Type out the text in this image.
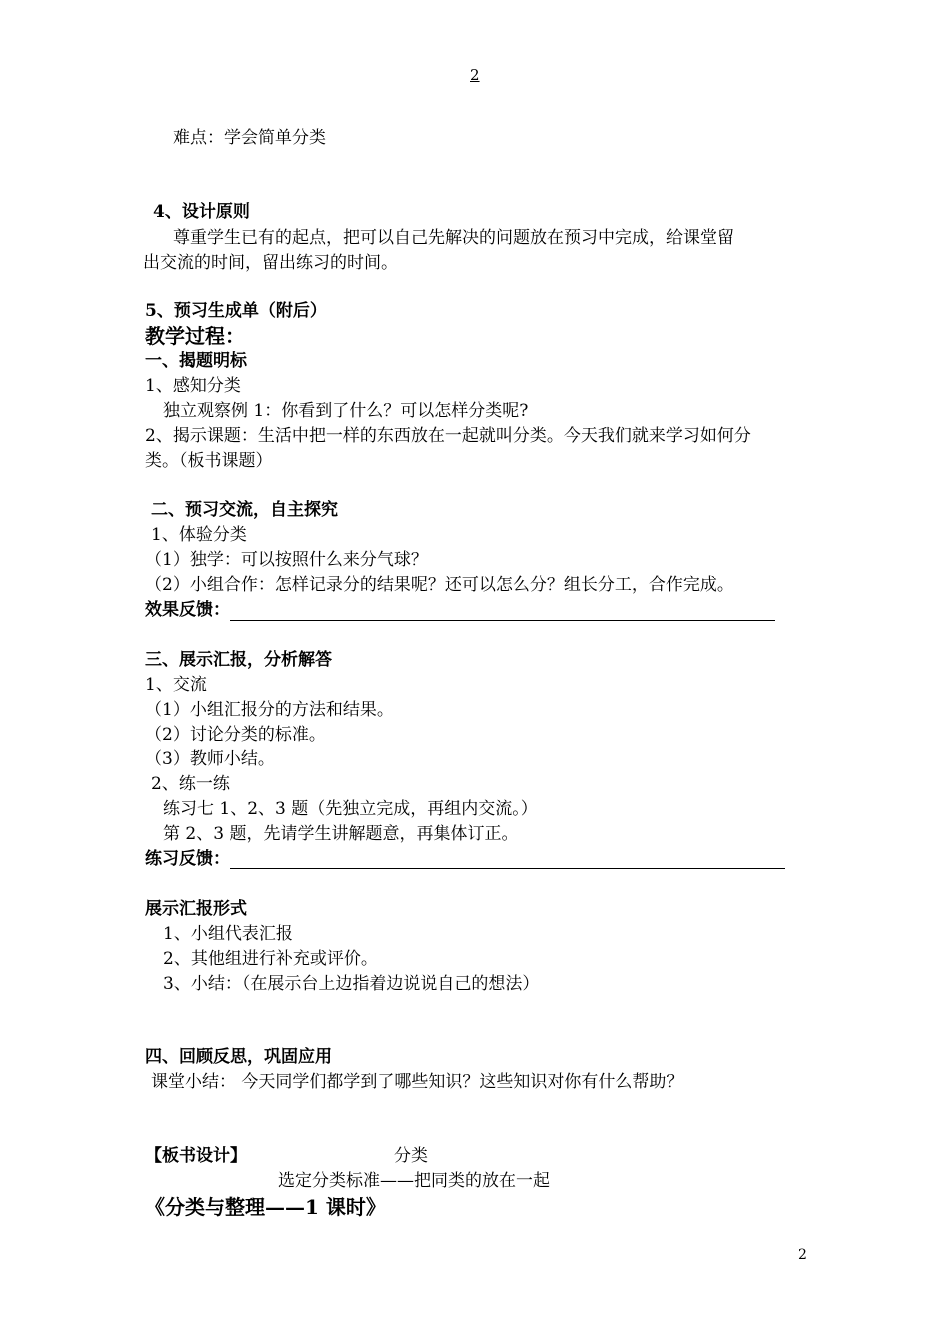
2
难点：学会简单分类
4、设计原则
尊重学生已有的起点，把可以自己先解决的问题放在预习中完成，给课堂留
出交流的时间，留出练习的时间。
5、预习生成单（附后）
教学过程：
一、揭题明标
1、感知分类
独立观察例 1：你看到了什么？可以怎样分类呢?
2、揭示课题：生活中把一样的东西放在一起就叫分类。今天我们就来学习如何分
类。（板书课题）
二、预习交流，自主探究
1、体验分类
（1）独学：可以按照什么来分气球？
（2）小组合作：怎样记录分的结果呢？还可以怎么分？组长分工，合作完成。
效果反馈：
三、展示汇报，分析解答
1、交流
（1）小组汇报分的方法和结果。
（2）讨论分类的标准。
（3）教师小结。
2、练一练
练习七 1、2、3 题（先独立完成，再组内交流。）
第 2、3 题，先请学生讲解题意，再集体订正。
练习反馈：
展示汇报形式
1、小组代表汇报
2、其他组进行补充或评价。
3、小结：（在展示台上边指着边说说自己的想法）
四、回顾反思，巩固应用
课堂小结： 今天同学们都学到了哪些知识？这些知识对你有什么帮助？
【板书设计】	分类
选定分类标准——把同类的放在一起
《分类与整理——1 课时》
2
